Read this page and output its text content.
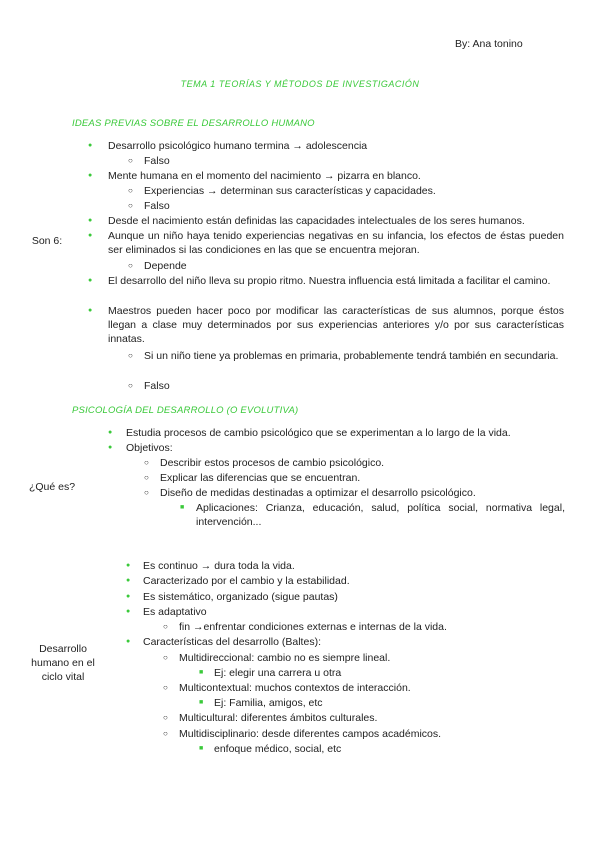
By: Ana tonino
TEMA 1 TEORÍAS Y MÉTODOS DE INVESTIGACIÓN
IDEAS PREVIAS SOBRE EL DESARROLLO HUMANO
Son 6:
● Desarrollo psicológico humano termina → adolescencia
○ Falso
● Mente humana en el momento del nacimiento → pizarra en blanco.
○ Experiencias → determinan sus características y capacidades.
○ Falso
● Desde el nacimiento están definidas las capacidades intelectuales de los seres humanos.
● Aunque un niño haya tenido experiencias negativas en su infancia, los efectos de éstas pueden ser eliminados si las condiciones en las que se encuentra mejoran.
○ Depende
● El desarrollo del niño lleva su propio ritmo. Nuestra influencia está limitada a facilitar el camino.
● Maestros pueden hacer poco por modificar las características de sus alumnos, porque éstos llegan a clase muy determinados por sus experiencias anteriores y/o por sus características innatas.
○ Si un niño tiene ya problemas en primaria, probablemente tendrá también en secundaria.
○ Falso
PSICOLOGÍA DEL DESARROLLO (O EVOLUTIVA)
¿Qué es?
● Estudia procesos de cambio psicológico que se experimentan a lo largo de la vida.
● Objetivos:
○ Describir estos procesos de cambio psicológico.
○ Explicar las diferencias que se encuentran.
○ Diseño de medidas destinadas a optimizar el desarrollo psicológico.
■ Aplicaciones: Crianza, educación, salud, política social, normativa legal, intervención...
Desarrollo humano en el ciclo vital
● Es continuo → dura toda la vida.
● Caracterizado por el cambio y la estabilidad.
● Es sistemático, organizado (sigue pautas)
● Es adaptativo
○ fin →enfrentar condiciones externas e internas de la vida.
● Características del desarrollo (Baltes):
○ Multidireccional: cambio no es siempre lineal.
■ Ej: elegir una carrera u otra
○ Multicontextual: muchos contextos de interacción.
■ Ej: Familia, amigos, etc
○ Multicultural: diferentes ámbitos culturales.
○ Multidisciplinario: desde diferentes campos académicos.
■ enfoque médico, social, etc
